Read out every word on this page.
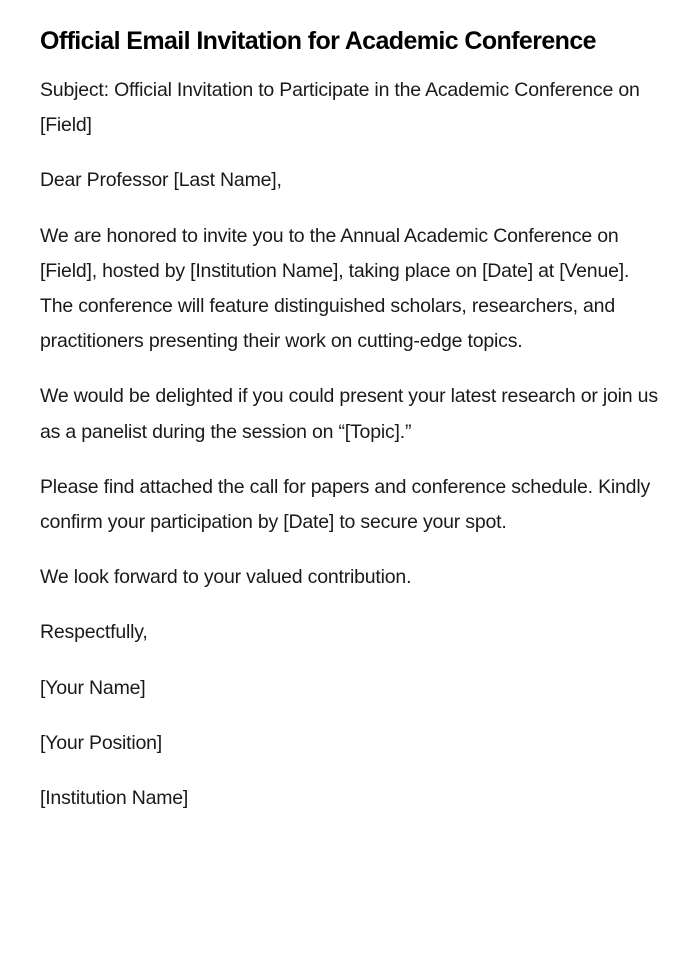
Official Email Invitation for Academic Conference

Subject: Official Invitation to Participate in the Academic Conference on [Field]

Dear Professor [Last Name],

We are honored to invite you to the Annual Academic Conference on [Field], hosted by [Institution Name], taking place on [Date] at [Venue]. The conference will feature distinguished scholars, researchers, and practitioners presenting their work on cutting-edge topics.

We would be delighted if you could present your latest research or join us as a panelist during the session on “[Topic].”

Please find attached the call for papers and conference schedule. Kindly confirm your participation by [Date] to secure your spot.

We look forward to your valued contribution.

Respectfully,

[Your Name]

[Your Position]

[Institution Name]
